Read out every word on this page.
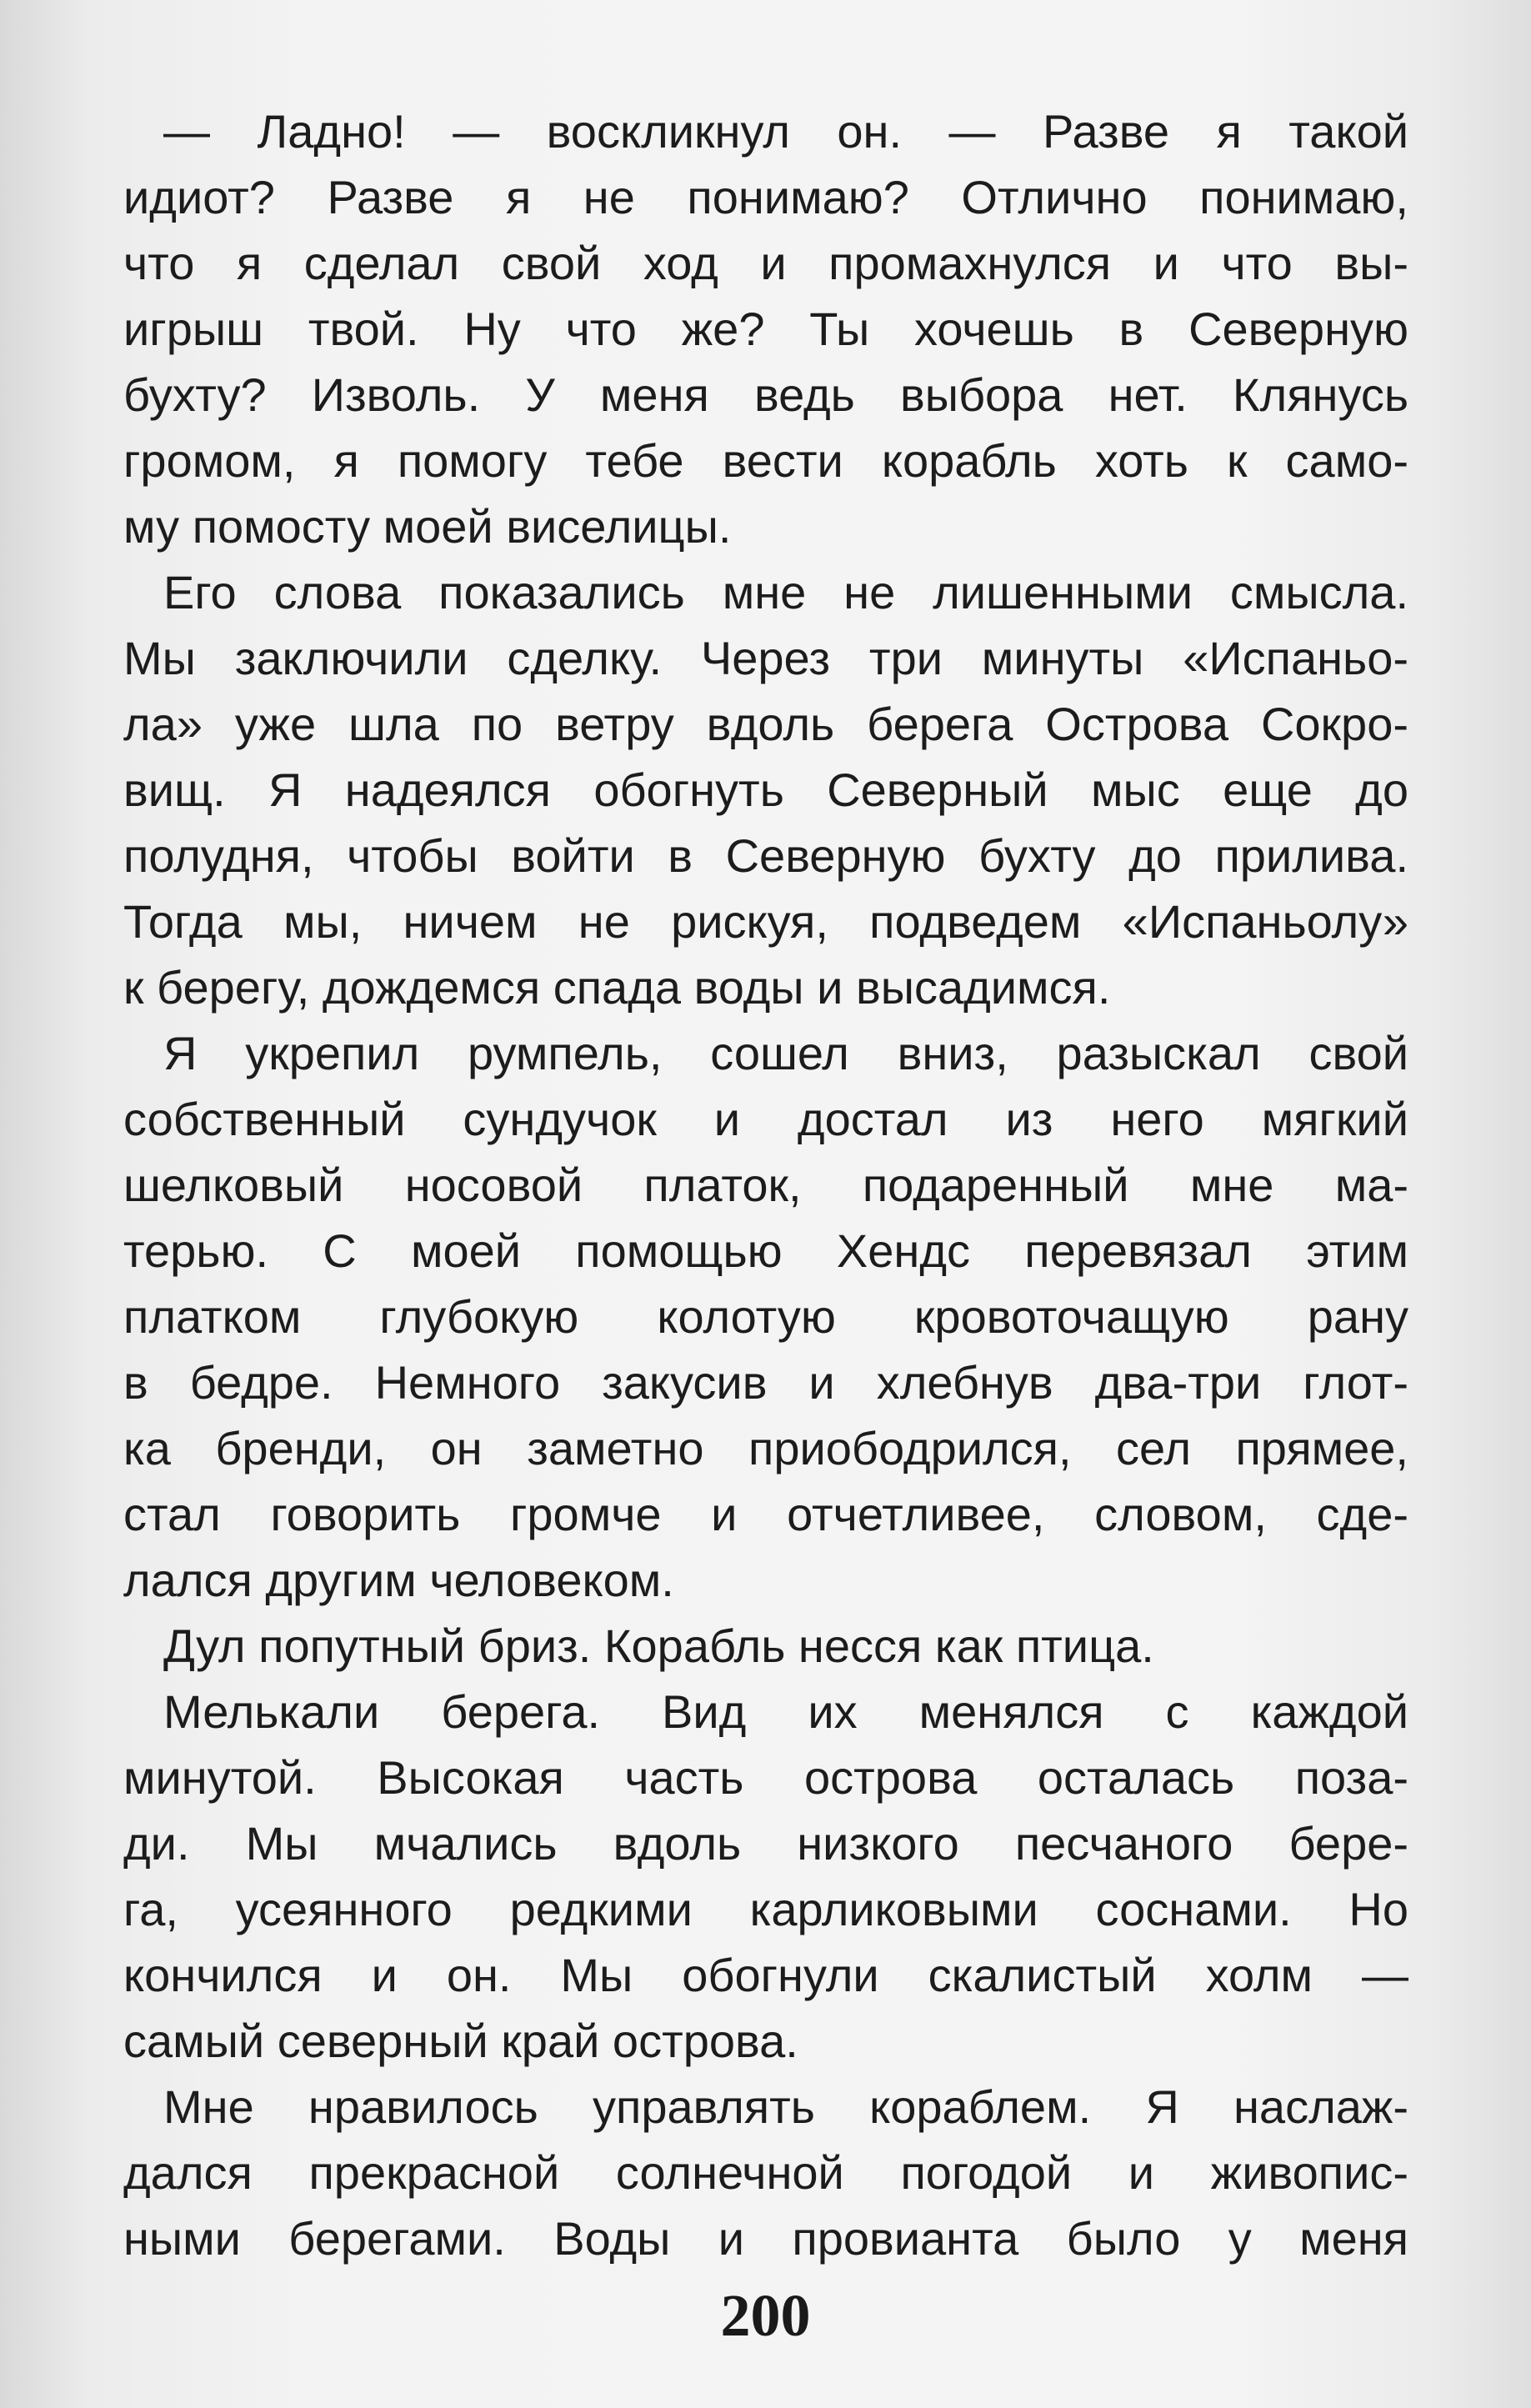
— Ладно! — воскликнул он. — Разве я такой
идиот? Разве я не понимаю? Отлично понимаю,
что я сделал свой ход и промахнулся и что вы-
игрыш твой. Ну что же? Ты хочешь в Северную
бухту? Изволь. У меня ведь выбора нет. Клянусь
громом, я помогу тебе вести корабль хоть к само-
му помосту моей виселицы.
Его слова показались мне не лишенными смысла.
Мы заключили сделку. Через три минуты «Испаньо-
ла» уже шла по ветру вдоль берега Острова Сокро-
вищ. Я надеялся обогнуть Северный мыс еще до
полудня, чтобы войти в Северную бухту до прилива.
Тогда мы, ничем не рискуя, подведем «Испаньолу»
к берегу, дождемся спада воды и высадимся.
Я укрепил румпель, сошел вниз, разыскал свой
собственный сундучок и достал из него мягкий
шелковый носовой платок, подаренный мне ма-
терью. С моей помощью Хендс перевязал этим
платком глубокую колотую кровоточащую рану
в бедре. Немного закусив и хлебнув два-три глот-
ка бренди, он заметно приободрился, сел прямее,
стал говорить громче и отчетливее, словом, сде-
лался другим человеком.
Дул попутный бриз. Корабль несся как птица.
Мелькали берега. Вид их менялся с каждой
минутой. Высокая часть острова осталась поза-
ди. Мы мчались вдоль низкого песчаного бере-
га, усеянного редкими карликовыми соснами. Но
кончился и он. Мы обогнули скалистый холм —
самый северный край острова.
Мне нравилось управлять кораблем. Я наслаж-
дался прекрасной солнечной погодой и живопис-
ными берегами. Воды и провианта было у меня
200
